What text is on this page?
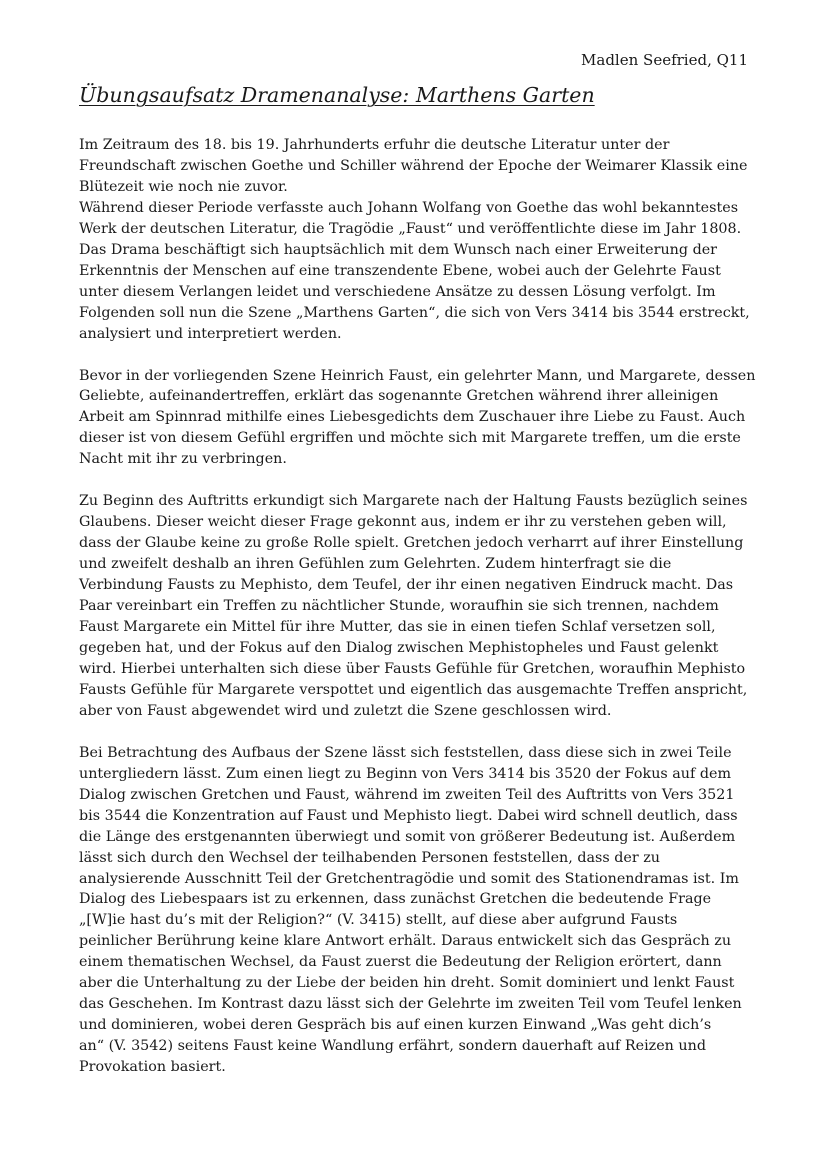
Madlen Seefried, Q11
Übungsaufsatz Dramenanalyse: Marthens Garten

Im Zeitraum des 18. bis 19. Jahrhunderts erfuhr die deutsche Literatur unter der
Freundschaft zwischen Goethe und Schiller während der Epoche der Weimarer Klassik eine
Blütezeit wie noch nie zuvor.
Während dieser Periode verfasste auch Johann Wolfang von Goethe das wohl bekanntestes
Werk der deutschen Literatur, die Tragödie „Faust“ und veröffentlichte diese im Jahr 1808.
Das Drama beschäftigt sich hauptsächlich mit dem Wunsch nach einer Erweiterung der
Erkenntnis der Menschen auf eine transzendente Ebene, wobei auch der Gelehrte Faust
unter diesem Verlangen leidet und verschiedene Ansätze zu dessen Lösung verfolgt. Im
Folgenden soll nun die Szene „Marthens Garten“, die sich von Vers 3414 bis 3544 erstreckt,
analysiert und interpretiert werden.

Bevor in der vorliegenden Szene Heinrich Faust, ein gelehrter Mann, und Margarete, dessen
Geliebte, aufeinandertreffen, erklärt das sogenannte Gretchen während ihrer alleinigen
Arbeit am Spinnrad mithilfe eines Liebesgedichts dem Zuschauer ihre Liebe zu Faust. Auch
dieser ist von diesem Gefühl ergriffen und möchte sich mit Margarete treffen, um die erste
Nacht mit ihr zu verbringen.

Zu Beginn des Auftritts erkundigt sich Margarete nach der Haltung Fausts bezüglich seines
Glaubens. Dieser weicht dieser Frage gekonnt aus, indem er ihr zu verstehen geben will,
dass der Glaube keine zu große Rolle spielt. Gretchen jedoch verharrt auf ihrer Einstellung
und zweifelt deshalb an ihren Gefühlen zum Gelehrten. Zudem hinterfragt sie die
Verbindung Fausts zu Mephisto, dem Teufel, der ihr einen negativen Eindruck macht. Das
Paar vereinbart ein Treffen zu nächtlicher Stunde, woraufhin sie sich trennen, nachdem
Faust Margarete ein Mittel für ihre Mutter, das sie in einen tiefen Schlaf versetzen soll,
gegeben hat, und der Fokus auf den Dialog zwischen Mephistopheles und Faust gelenkt
wird. Hierbei unterhalten sich diese über Fausts Gefühle für Gretchen, woraufhin Mephisto
Fausts Gefühle für Margarete verspottet und eigentlich das ausgemachte Treffen anspricht,
aber von Faust abgewendet wird und zuletzt die Szene geschlossen wird.

Bei Betrachtung des Aufbaus der Szene lässt sich feststellen, dass diese sich in zwei Teile
untergliedern lässt. Zum einen liegt zu Beginn von Vers 3414 bis 3520 der Fokus auf dem
Dialog zwischen Gretchen und Faust, während im zweiten Teil des Auftritts von Vers 3521
bis 3544 die Konzentration auf Faust und Mephisto liegt. Dabei wird schnell deutlich, dass
die Länge des erstgenannten überwiegt und somit von größerer Bedeutung ist. Außerdem
lässt sich durch den Wechsel der teilhabenden Personen feststellen, dass der zu
analysierende Ausschnitt Teil der Gretchentragödie und somit des Stationendramas ist. Im
Dialog des Liebespaars ist zu erkennen, dass zunächst Gretchen die bedeutende Frage
„[W]ie hast du’s mit der Religion?“ (V. 3415) stellt, auf diese aber aufgrund Fausts
peinlicher Berührung keine klare Antwort erhält. Daraus entwickelt sich das Gespräch zu
einem thematischen Wechsel, da Faust zuerst die Bedeutung der Religion erörtert, dann
aber die Unterhaltung zu der Liebe der beiden hin dreht. Somit dominiert und lenkt Faust
das Geschehen. Im Kontrast dazu lässt sich der Gelehrte im zweiten Teil vom Teufel lenken
und dominieren, wobei deren Gespräch bis auf einen kurzen Einwand „Was geht dich’s
an“ (V. 3542) seitens Faust keine Wandlung erfährt, sondern dauerhaft auf Reizen und
Provokation basiert.
